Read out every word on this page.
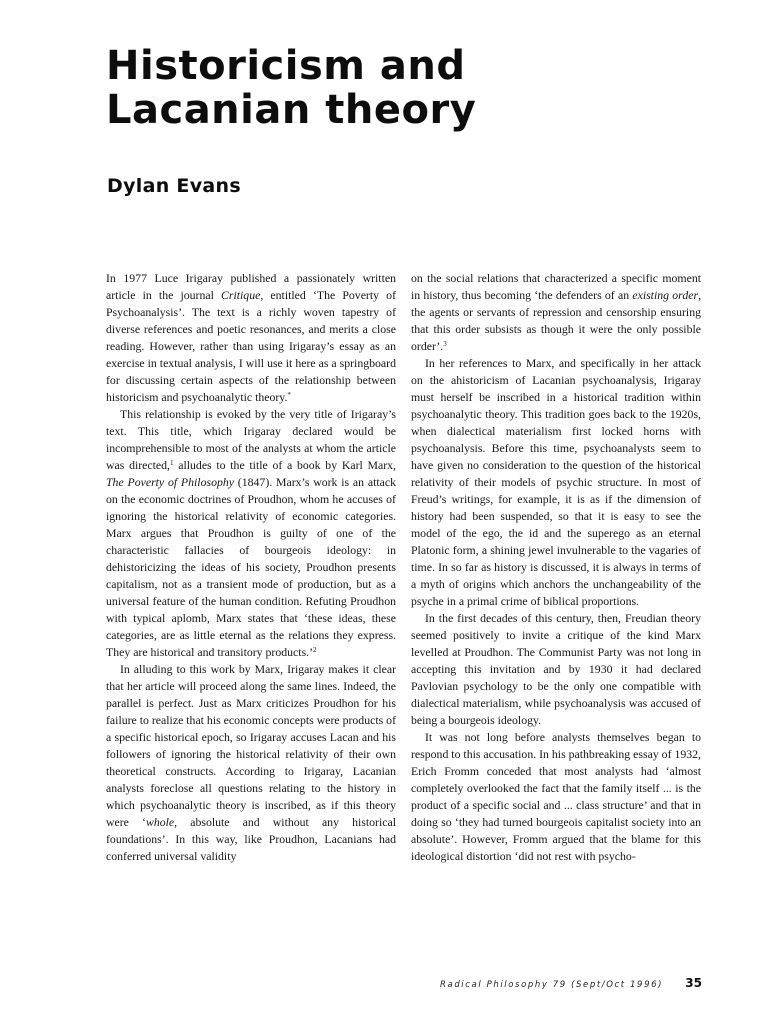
Historicism and
Lacanian theory
Dylan Evans

In 1977 Luce Irigaray published a passionately written article in the journal Critique, entitled ‘The Poverty of Psychoanalysis’. The text is a richly woven tapestry of diverse references and poetic resonances, and merits a close reading. However, rather than using Irigaray’s essay as an exercise in textual analysis, I will use it here as a springboard for discussing certain aspects of the relationship between historicism and psychoanalytic theory.*

This relationship is evoked by the very title of Irigaray’s text. This title, which Irigaray declared would be incomprehensible to most of the analysts at whom the article was directed,$^1$ alludes to the title of a book by Karl Marx, The Poverty of Philosophy (1847). Marx’s work is an attack on the economic doctrines of Proudhon, whom he accuses of ignoring the historical relativity of economic categories. Marx argues that Proudhon is guilty of one of the characteristic fallacies of bourgeois ideology: in dehistoricizing the ideas of his society, Proudhon presents capitalism, not as a transient mode of production, but as a universal feature of the human condition. Refuting Proudhon with typical aplomb, Marx states that ‘these ideas, these categories, are as little eternal as the relations they express. They are historical and transitory products.’$^2$

In alluding to this work by Marx, Irigaray makes it clear that her article will proceed along the same lines. Indeed, the parallel is perfect. Just as Marx criticizes Proudhon for his failure to realize that his economic concepts were products of a specific historical epoch, so Irigaray accuses Lacan and his followers of ignoring the historical relativity of their own theoretical constructs. According to Irigaray, Lacanian analysts foreclose all questions relating to the history in which psychoanalytic theory is inscribed, as if this theory were ‘whole, absolute and without any historical foundations’. In this way, like Proudhon, Lacanians had conferred universal validity

on the social relations that characterized a specific moment in history, thus becoming ‘the defenders of an existing order, the agents or servants of repression and censorship ensuring that this order subsists as though it were the only possible order’.$^3$

In her references to Marx, and specifically in her attack on the ahistoricism of Lacanian psychoanalysis, Irigaray must herself be inscribed in a historical tradition within psychoanalytic theory. This tradition goes back to the 1920s, when dialectical materialism first locked horns with psychoanalysis. Before this time, psychoanalysts seem to have given no consideration to the question of the historical relativity of their models of psychic structure. In most of Freud’s writings, for example, it is as if the dimension of history had been suspended, so that it is easy to see the model of the ego, the id and the superego as an eternal Platonic form, a shining jewel invulnerable to the vagaries of time. In so far as history is discussed, it is always in terms of a myth of origins which anchors the unchangeability of the psyche in a primal crime of biblical proportions.

In the first decades of this century, then, Freudian theory seemed positively to invite a critique of the kind Marx levelled at Proudhon. The Communist Party was not long in accepting this invitation and by 1930 it had declared Pavlovian psychology to be the only one compatible with dialectical materialism, while psychoanalysis was accused of being a bourgeois ideology.

It was not long before analysts themselves began to respond to this accusation. In his pathbreaking essay of 1932, Erich Fromm conceded that most analysts had ‘almost completely overlooked the fact that the family itself ... is the product of a specific social and ... class structure’ and that in doing so ‘they had turned bourgeois capitalist society into an absolute’. However, Fromm argued that the blame for this ideological distortion ‘did not rest with psycho-

Radical Philosophy 79 (Sept/Oct 1996) 35
